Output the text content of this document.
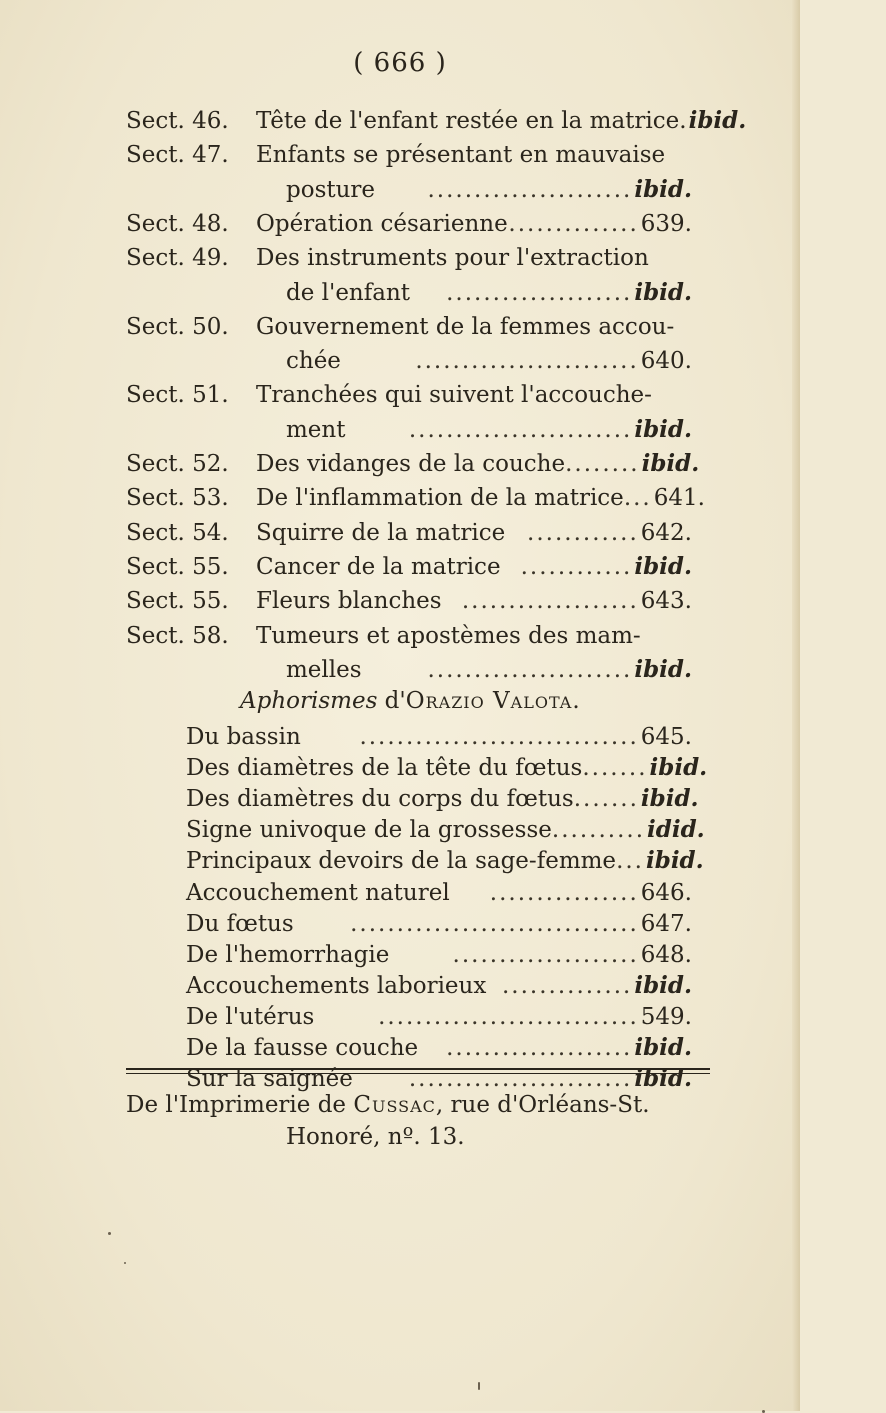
( 666 )
Sect. 46. Tête de l'enfant restée en la matrice. ibid.
Sect. 47. Enfants se présentant en mauvaise
posture	...................... ibid.
Sect. 48. Opération césarienne .............. 639.
Sect. 49. Des instruments pour l'extraction
de l'enfant	.................... ibid.
Sect. 50. Gouvernement de la femmes accou-
chée	........................ 640.
Sect. 51. Tranchées qui suivent l'accouche-
ment	........................ ibid.
Sect. 52. Des vidanges de la couche ........ ibid.
Sect. 53. De l'inflammation de la matrice ... 641.
Sect. 54. Squirre de la matrice ............ 642.
Sect. 55. Cancer de la matrice ............ ibid.
Sect. 55. Fleurs blanches ................... 643.
Sect. 58. Tumeurs et apostèmes des mam-
melles	...................... ibid.
Aphorismes d'Orazio Valota.
Du bassin	.............................. 645.
Des diamètres de la tête du fœtus ....... ibid.
Des diamètres du corps du fœtus ....... ibid.
Signe univoque de la grossesse .......... idid.
Principaux devoirs de la sage-femme ... ibid.
Accouchement naturel	................ 646.
Du fœtus	............................... 647.
De l'hemorrhagie	.................... 648.
Accouchements laborieux .............. ibid.
De l'utérus	............................ 549.
De la fausse couche	.................... ibid.
Sur la saignée	........................ ibid.
De l'Imprimerie de Cussac, rue d'Orléans-St.
Honoré, nº. 13.
